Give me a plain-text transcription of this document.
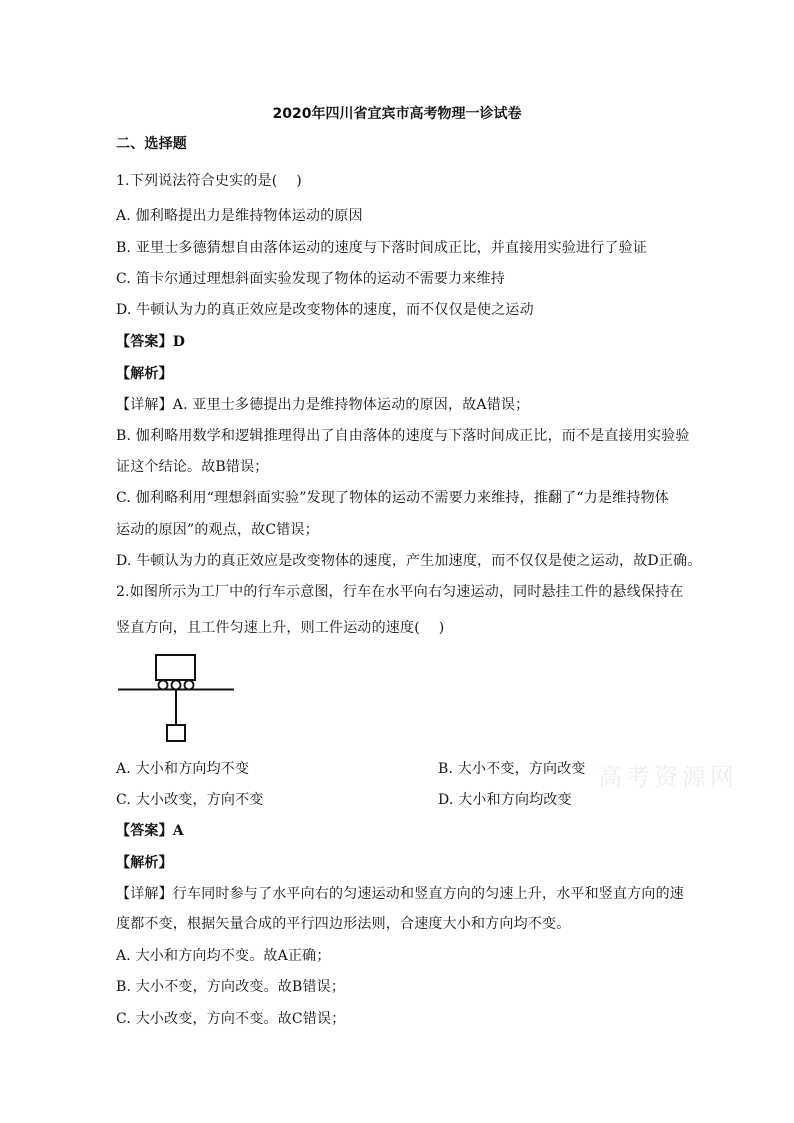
2020年四川省宜宾市高考物理一诊试卷
二、选择题
1.下列说法符合史实的是(　 )
A. 伽利略提出力是维持物体运动的原因
B. 亚里士多德猜想自由落体运动的速度与下落时间成正比，并直接用实验进行了验证
C. 笛卡尔通过理想斜面实验发现了物体的运动不需要力来维持
D. 牛顿认为力的真正效应是改变物体的速度，而不仅仅是使之运动
【答案】D
【解析】
【详解】A. 亚里士多德提出力是维持物体运动的原因，故A错误；
B. 伽利略用数学和逻辑推理得出了自由落体的速度与下落时间成正比，而不是直接用实验验
证这个结论。故B错误；
C. 伽利略利用“理想斜面实验”发现了物体的运动不需要力来维持，推翻了“力是维持物体
运动的原因”的观点，故C错误；
D. 牛顿认为力的真正效应是改变物体的速度，产生加速度，而不仅仅是使之运动，故D正确。
2.如图所示为工厂中的行车示意图，行车在水平向右匀速运动，同时悬挂工件的悬线保持在
竖直方向，且工件匀速上升，则工件运动的速度(　 )
A. 大小和方向均不变	B. 大小不变，方向改变
C. 大小改变，方向不变	D. 大小和方向均改变
高考资源网
【答案】A
【解析】
【详解】行车同时参与了水平向右的匀速运动和竖直方向的匀速上升，水平和竖直方向的速
度都不变，根据矢量合成的平行四边形法则，合速度大小和方向均不变。
A. 大小和方向均不变。故A正确；
B. 大小不变，方向改变。故B错误；
C. 大小改变，方向不变。故C错误；
